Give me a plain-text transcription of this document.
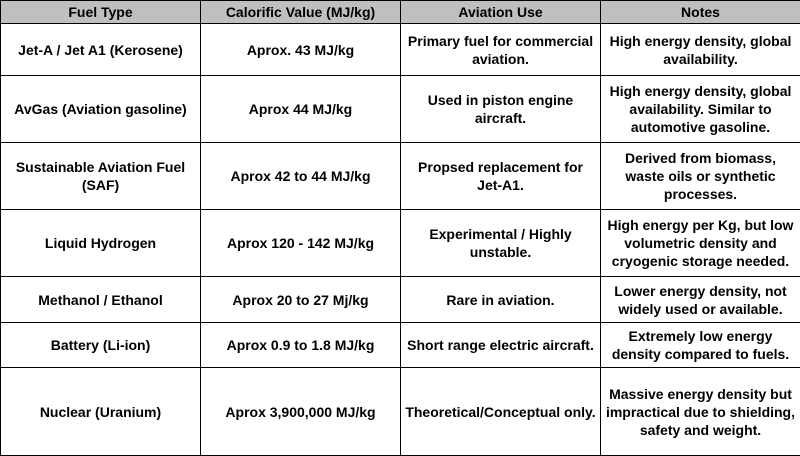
Fuel Type	Calorific Value (MJ/kg)	Aviation Use	Notes
Jet-A / Jet A1 (Kerosene)	Aprox. 43 MJ/kg	Primary fuel for commercial aviation.	High energy density, global availability.
AvGas (Aviation gasoline)	Aprox 44 MJ/kg	Used in piston engine aircraft.	High energy density, global availability. Similar to automotive gasoline.
Sustainable Aviation Fuel (SAF)	Aprox 42 to 44 MJ/kg	Propsed replacement for Jet-A1.	Derived from biomass, waste oils or synthetic processes.
Liquid Hydrogen	Aprox 120 - 142 MJ/kg	Experimental / Highly unstable.	High energy per Kg, but low volumetric density and cryogenic storage needed.
Methanol / Ethanol	Aprox 20 to 27 Mj/kg	Rare in aviation.	Lower energy density, not widely used or available.
Battery (Li-ion)	Aprox 0.9 to 1.8 MJ/kg	Short range electric aircraft.	Extremely low energy density compared to fuels.
Nuclear (Uranium)	Aprox 3,900,000 MJ/kg	Theoretical/Conceptual only.	Massive energy density but impractical due to shielding, safety and weight.
